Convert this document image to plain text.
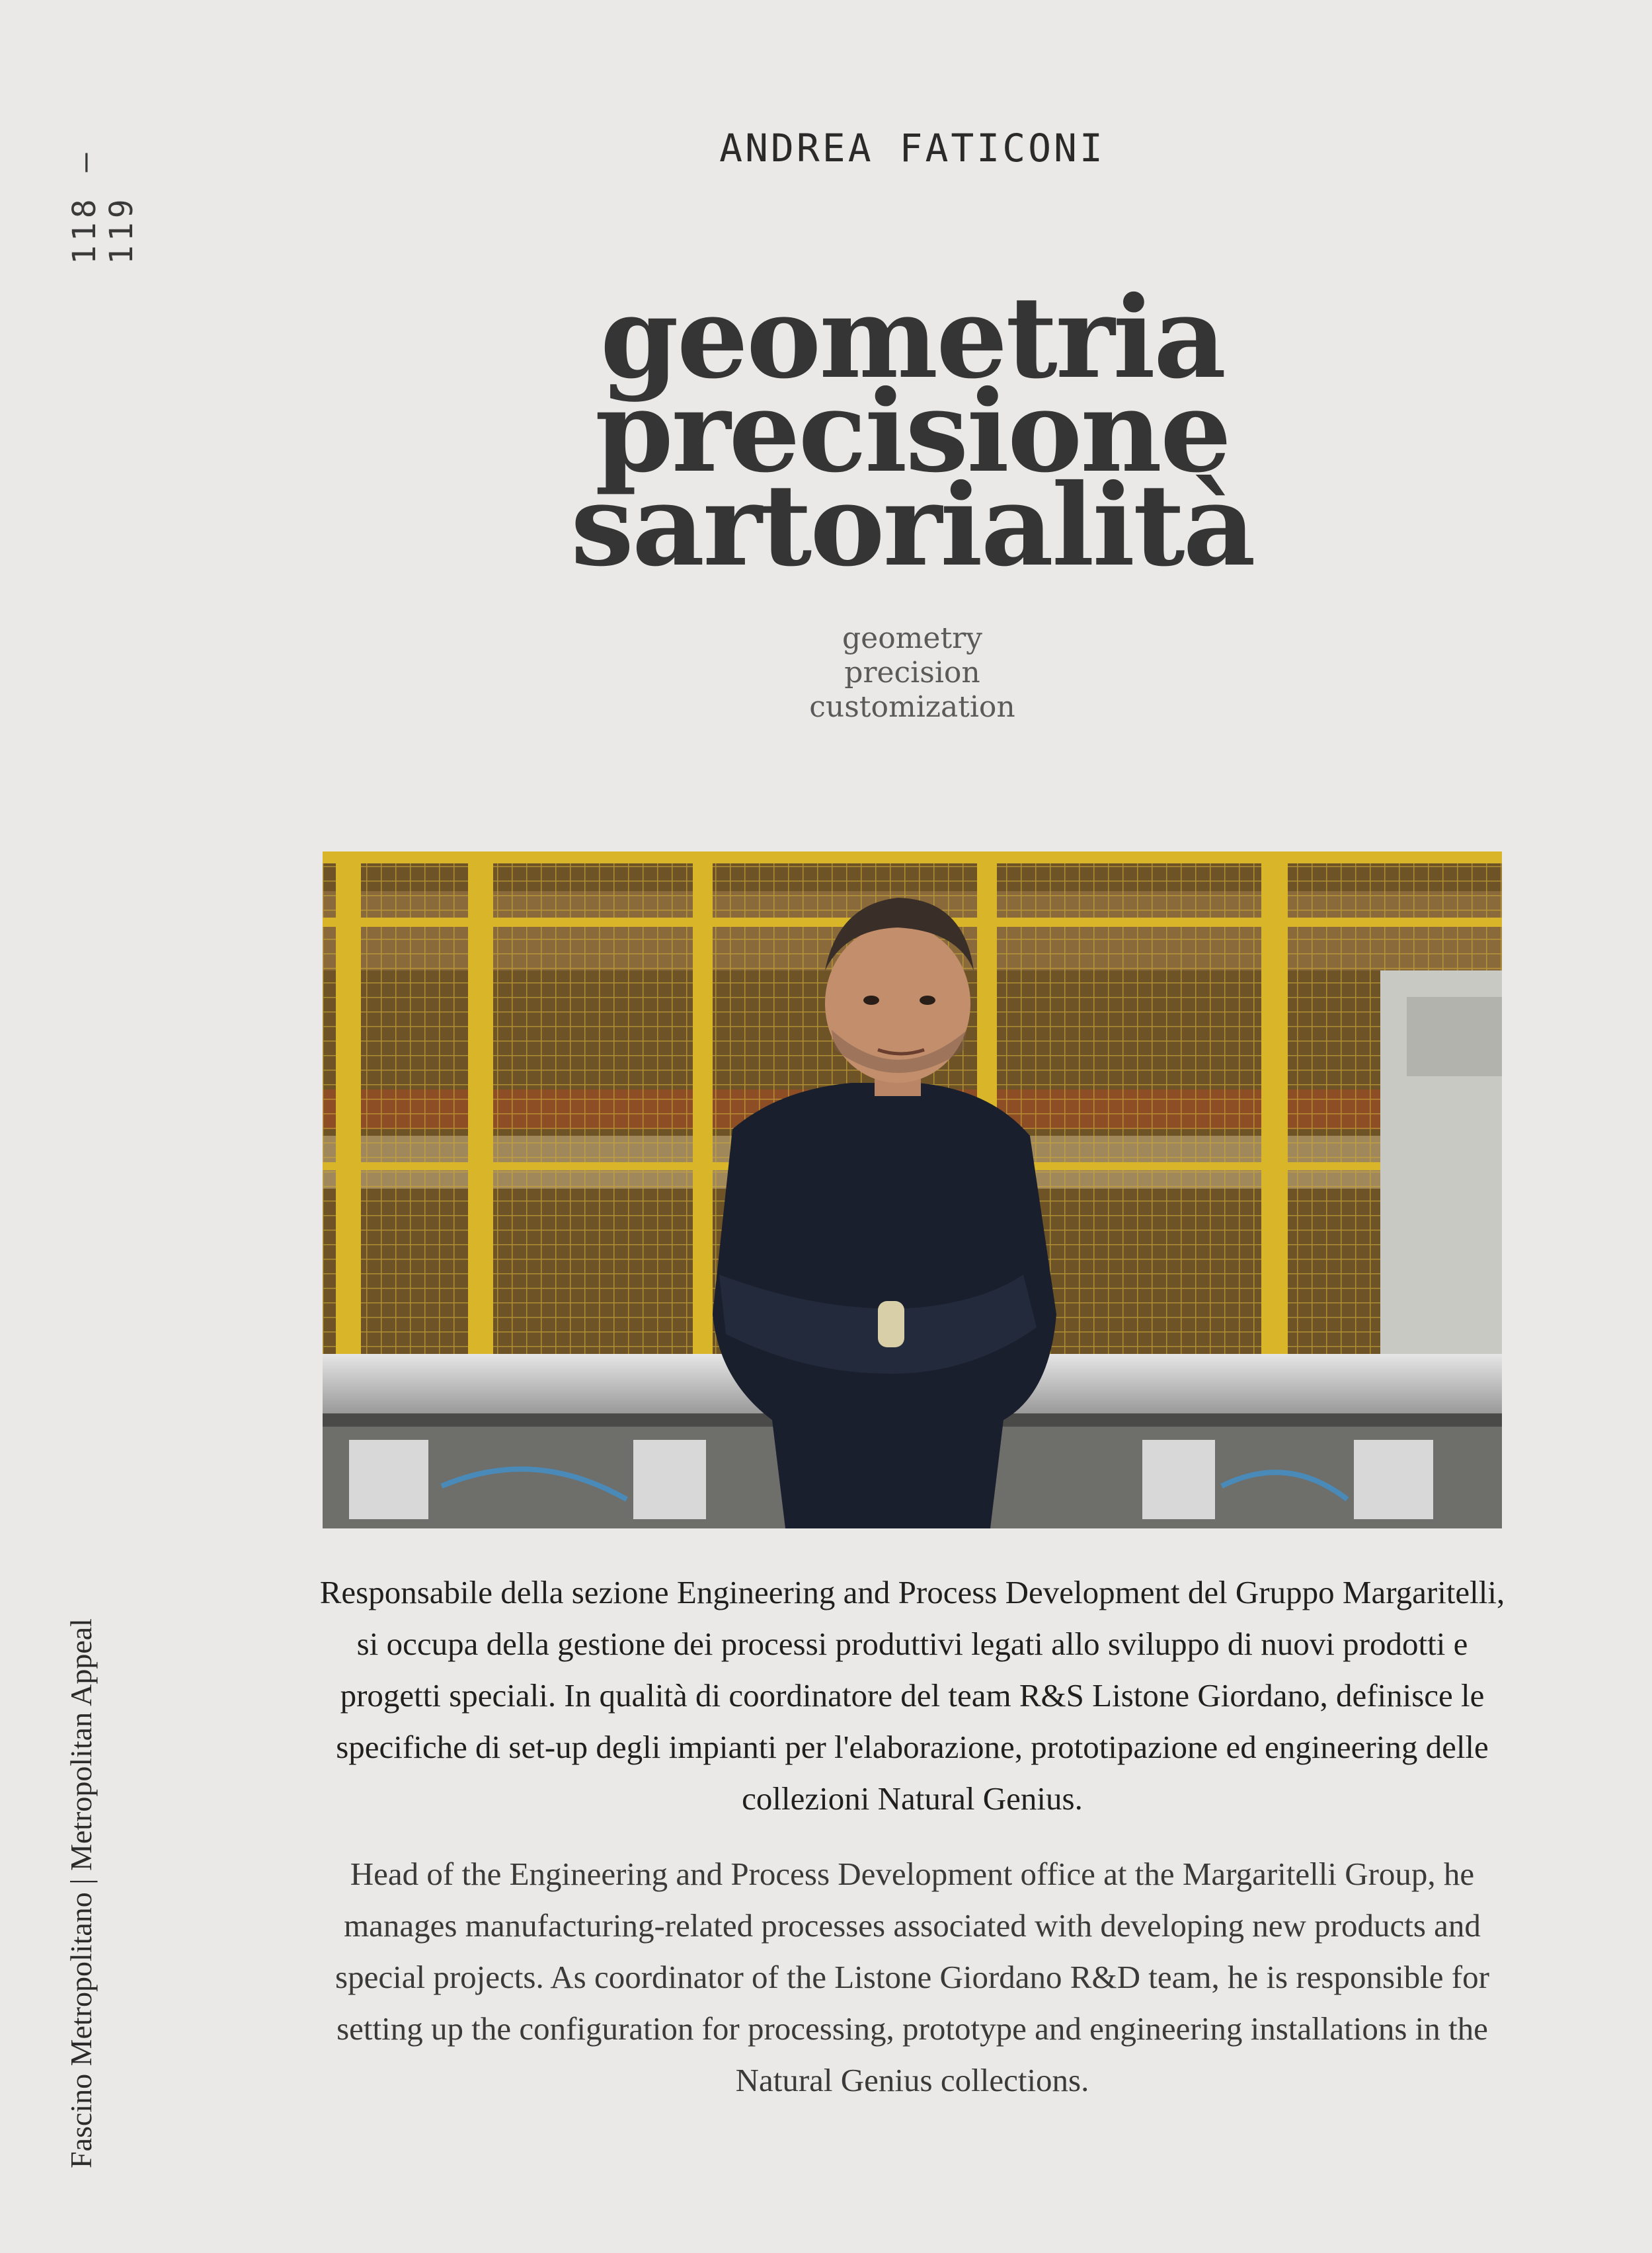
118 — 119
Fascino Metropolitano | Metropolitan Appeal
ANDREA FATICONI
geometria
precisione
sartorialità
geometry
precision
customization
Responsabile della sezione Engineering and Process Development del Gruppo Margaritelli, si occupa della gestione dei processi produttivi legati allo sviluppo di nuovi prodotti e progetti speciali. In qualità di coordinatore del team R&S Listone Giordano, definisce le specifiche di set-up degli impianti per l'elaborazione, prototipazione ed engineering delle collezioni Natural Genius.
Head of the Engineering and Process Development office at the Margaritelli Group, he manages manufacturing-related processes associated with developing new products and special projects. As coordinator of the Listone Giordano R&D team, he is responsible for setting up the configuration for processing, prototype and engineering installations in the Natural Genius collections.
